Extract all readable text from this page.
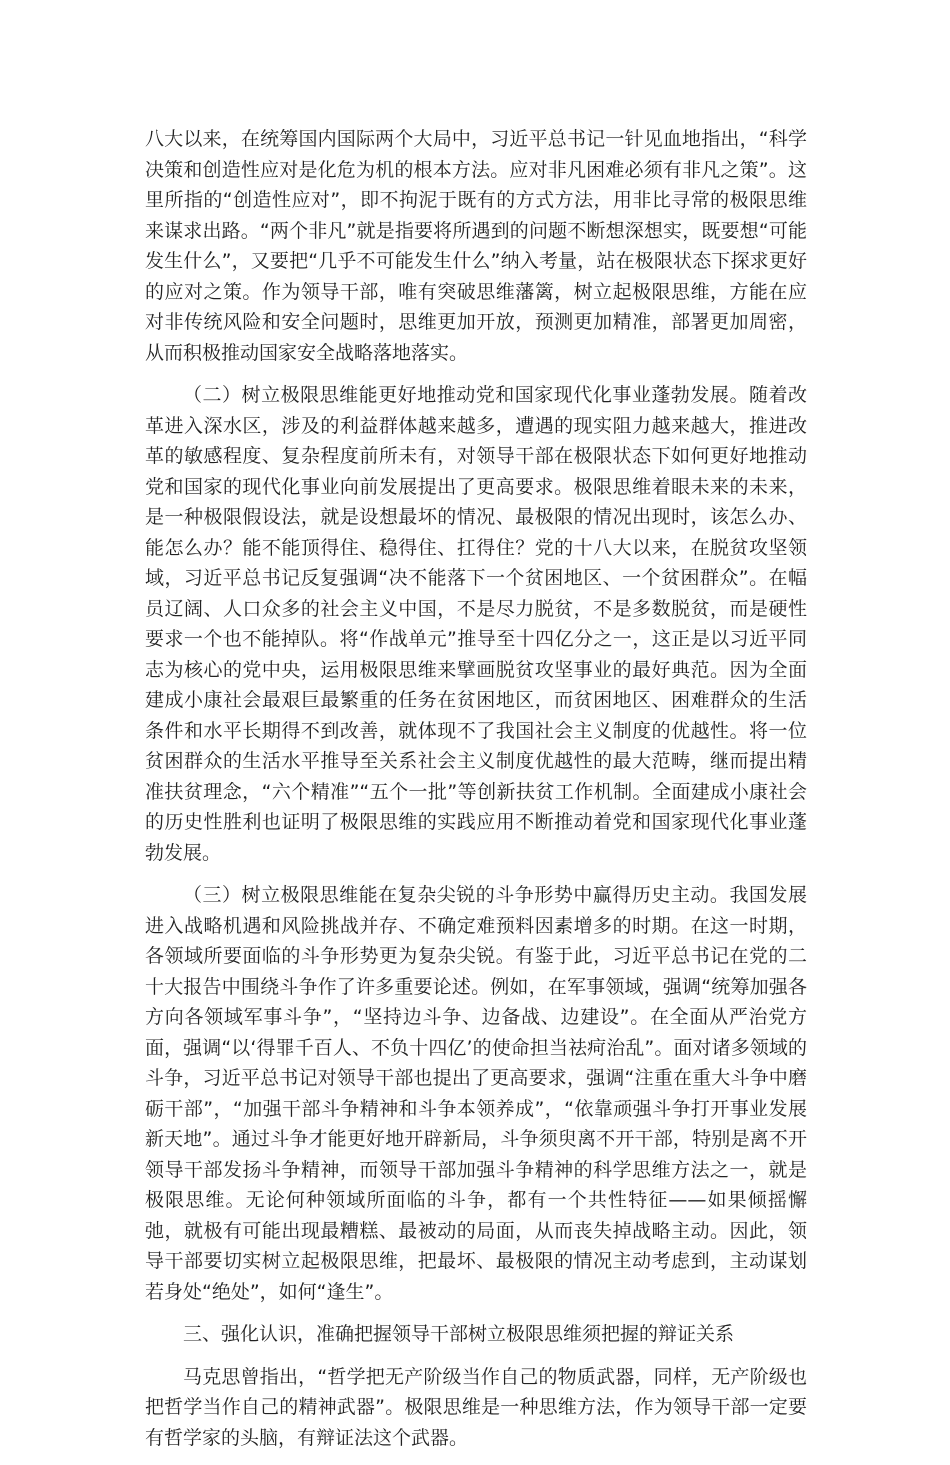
八大以来，在统筹国内国际两个大局中，习近平总书记一针见血地指出，“科学决策和创造性应对是化危为机的根本方法。应对非凡困难必须有非凡之策”。这里所指的“创造性应对”，即不拘泥于既有的方式方法，用非比寻常的极限思维来谋求出路。“两个非凡”就是指要将所遇到的问题不断想深想实，既要想“可能发生什么”，又要把“几乎不可能发生什么”纳入考量，站在极限状态下探求更好的应对之策。作为领导干部，唯有突破思维藩篱，树立起极限思维，方能在应对非传统风险和安全问题时，思维更加开放，预测更加精准，部署更加周密，从而积极推动国家安全战略落地落实。

（二）树立极限思维能更好地推动党和国家现代化事业蓬勃发展。随着改革进入深水区，涉及的利益群体越来越多，遭遇的现实阻力越来越大，推进改革的敏感程度、复杂程度前所未有，对领导干部在极限状态下如何更好地推动党和国家的现代化事业向前发展提出了更高要求。极限思维着眼未来的未来，是一种极限假设法，就是设想最坏的情况、最极限的情况出现时，该怎么办、能怎么办？能不能顶得住、稳得住、扛得住？党的十八大以来，在脱贫攻坚领域，习近平总书记反复强调“决不能落下一个贫困地区、一个贫困群众”。在幅员辽阔、人口众多的社会主义中国，不是尽力脱贫，不是多数脱贫，而是硬性要求一个也不能掉队。将“作战单元”推导至十四亿分之一，这正是以习近平同志为核心的党中央，运用极限思维来擘画脱贫攻坚事业的最好典范。因为全面建成小康社会最艰巨最繁重的任务在贫困地区，而贫困地区、困难群众的生活条件和水平长期得不到改善，就体现不了我国社会主义制度的优越性。将一位贫困群众的生活水平推导至关系社会主义制度优越性的最大范畴，继而提出精准扶贫理念，“六个精准”“五个一批”等创新扶贫工作机制。全面建成小康社会的历史性胜利也证明了极限思维的实践应用不断推动着党和国家现代化事业蓬勃发展。

（三）树立极限思维能在复杂尖锐的斗争形势中赢得历史主动。我国发展进入战略机遇和风险挑战并存、不确定难预料因素增多的时期。在这一时期，各领域所要面临的斗争形势更为复杂尖锐。有鉴于此，习近平总书记在党的二十大报告中围绕斗争作了许多重要论述。例如，在军事领域，强调“统筹加强各方向各领域军事斗争”，“坚持边斗争、边备战、边建设”。在全面从严治党方面，强调“以‘得罪千百人、不负十四亿’的使命担当祛疴治乱”。面对诸多领域的斗争，习近平总书记对领导干部也提出了更高要求，强调“注重在重大斗争中磨砺干部”，“加强干部斗争精神和斗争本领养成”，“依靠顽强斗争打开事业发展新天地”。通过斗争才能更好地开辟新局，斗争须臾离不开干部，特别是离不开领导干部发扬斗争精神，而领导干部加强斗争精神的科学思维方法之一，就是极限思维。无论何种领域所面临的斗争，都有一个共性特征——如果倾摇懈弛，就极有可能出现最糟糕、最被动的局面，从而丧失掉战略主动。因此，领导干部要切实树立起极限思维，把最坏、最极限的情况主动考虑到，主动谋划若身处“绝处”，如何“逢生”。

三、强化认识，准确把握领导干部树立极限思维须把握的辩证关系

马克思曾指出，“哲学把无产阶级当作自己的物质武器，同样，无产阶级也把哲学当作自己的精神武器”。极限思维是一种思维方法，作为领导干部一定要有哲学家的头脑，有辩证法这个武器。
